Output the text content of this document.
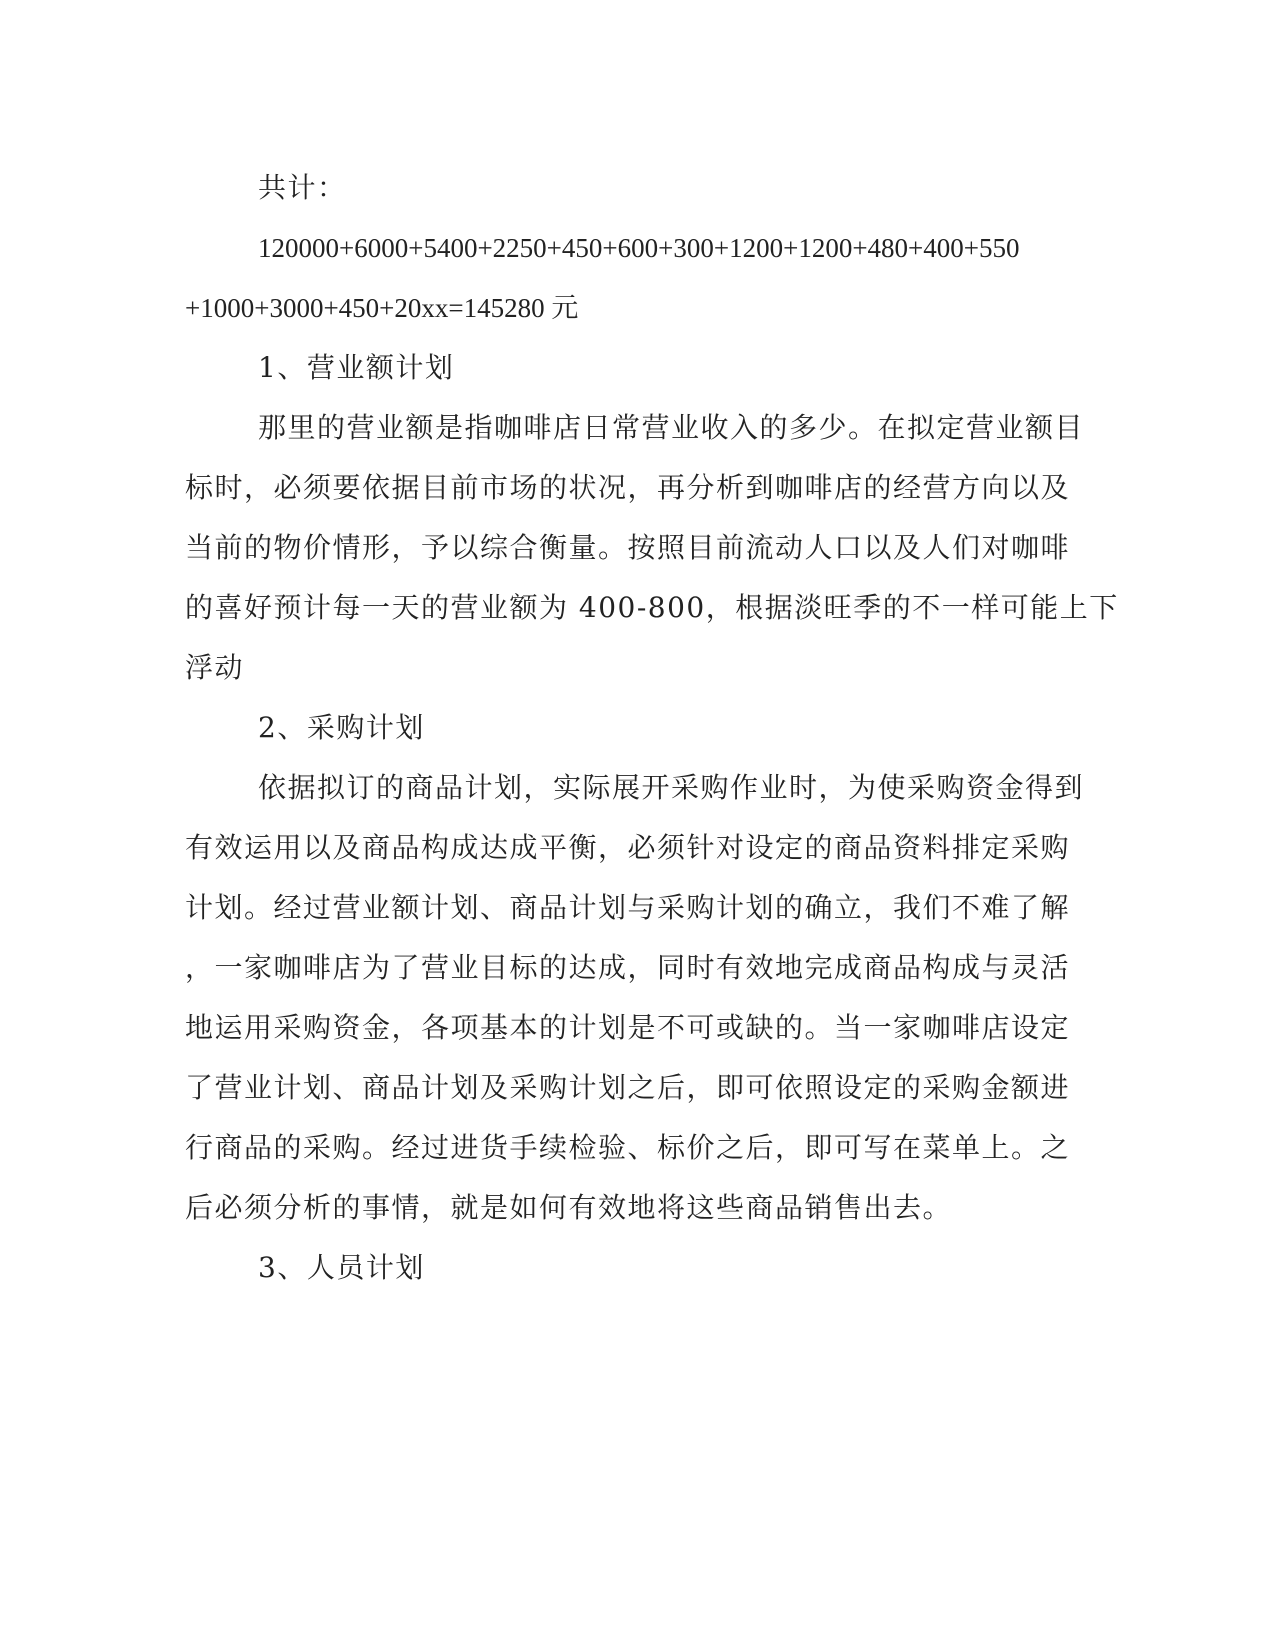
共计：
120000+6000+5400+2250+450+600+300+1200+1200+480+400+550
+1000+3000+450+20xx=145280 元
1、营业额计划
那里的营业额是指咖啡店日常营业收入的多少。在拟定营业额目
标时，必须要依据目前市场的状况，再分析到咖啡店的经营方向以及
当前的物价情形，予以综合衡量。按照目前流动人口以及人们对咖啡
的喜好预计每一天的营业额为 400-800，根据淡旺季的不一样可能上下
浮动
2、采购计划
依据拟订的商品计划，实际展开采购作业时，为使采购资金得到
有效运用以及商品构成达成平衡，必须针对设定的商品资料排定采购
计划。经过营业额计划、商品计划与采购计划的确立，我们不难了解
，一家咖啡店为了营业目标的达成，同时有效地完成商品构成与灵活
地运用采购资金，各项基本的计划是不可或缺的。当一家咖啡店设定
了营业计划、商品计划及采购计划之后，即可依照设定的采购金额进
行商品的采购。经过进货手续检验、标价之后，即可写在菜单上。之
后必须分析的事情，就是如何有效地将这些商品销售出去。
3、人员计划
